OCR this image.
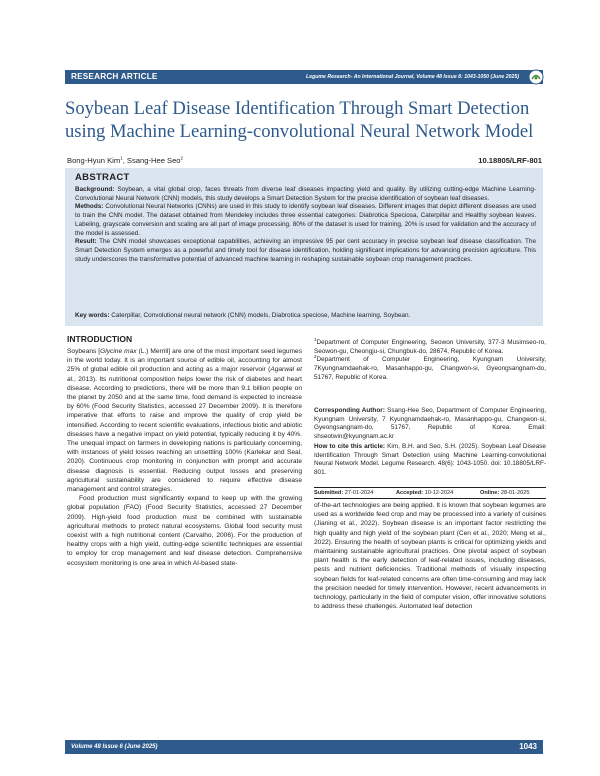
RESEARCH ARTICLE	Legume Research- An International Journal, Volume 48 Issue 6: 1043-1050 (June 2025)
Soybean Leaf Disease Identification Through Smart Detection
using Machine Learning-convolutional Neural Network Model
Bong-Hyun Kim$^1$, Ssang-Hee Seo$^2$	10.18805/LRF-801
ABSTRACT

Background: Soybean, a vital global crop, faces threats from diverse leaf diseases impacting yield and quality. By utilizing cutting-edge Machine Learning-Convolutional Neural Network (CNN) models, this study develops a Smart Detection System for the precise identification of soybean leaf diseases.

Methods: Convolutional Neural Networks (CNNs) are used in this study to identify soybean leaf diseases. Different images that depict different diseases are used to train the CNN model. The dataset obtained from Mendeley includes three essential categories: Diabrotica Speciosa, Caterpillar and Healthy soybean leaves. Labeling, grayscale conversion and scaling are all part of image processing. 80% of the dataset is used for training, 20% is used for validation and the accuracy of the model is assessed.

Result: The CNN model showcases exceptional capabilities, achieving an impressive 95 per cent accuracy in precise soybean leaf disease classification. The Smart Detection System emerges as a powerful and timely tool for disease identification, holding significant implications for advancing precision agriculture. This study underscores the transformative potential of advanced machine learning in reshaping sustainable soybean crop management practices.

Key words: Caterpillar, Convolutional neural network (CNN) models, Diabrotica speciose, Machine learning, Soybean.
INTRODUCTION

Soybeans [Glycine max (L.) Merrill] are one of the most important seed legumes in the world today. It is an important source of edible oil, accounting for almost 25% of global edible oil production and acting as a major reservoir (Agarwal et al., 2013). Its nutritional composition helps lower the risk of diabetes and heart disease. According to predictions, there will be more than 9.1 billion people on the planet by 2050 and at the same time, food demand is expected to increase by 60% (Food Security Statistics, accessed 27 December 2009). It is therefore imperative that efforts to raise and improve the quality of crop yield be intensified. According to recent scientific evaluations, infectious biotic and abiotic diseases have a negative impact on yield potential, typically reducing it by 40%. The unequal impact on farmers in developing nations is particularly concerning, with instances of yield losses reaching an unsettling 100% (Karlekar and Seal, 2020). Continuous crop monitoring in conjunction with prompt and accurate disease diagnosis is essential. Reducing output losses and preserving agricultural sustainability are considered to require effective disease management and control strategies.

Food production must significantly expand to keep up with the growing global population (FAO) (Food Security Statistics, accessed 27 December 2009). High-yield food production must be combined with sustainable agricultural methods to protect natural ecosystems. Global food security must coexist with a high nutritional content (Carvalho, 2006). For the production of healthy crops with a high yield, cutting-edge scientific techniques are essential to employ for crop management and leaf disease detection. Comprehensive ecosystem monitoring is one area in which AI-based state-

$^1$Department of Computer Engineering, Seowon University, 377-3 Musimseo-ro, Seowon-gu, Cheongju-si, Chungbuk-do, 28674, Republic of Korea.

$^2$Department of Computer Engineering, Kyungnam University, 7Kyungnamdaehak-ro, Masanhappo-gu, Changwon-si, Gyeongsangnam-do, 51767, Republic of Korea.

Corresponding Author: Ssang-Hee Seo, Department of Computer Engineering, Kyungnam University, 7 Kyungnamdaehak-ro, Masanhappo-gu, Changwon-si, Gyeongsangnam-do, 51767, Republic of Korea. Email: shseotwin@kyungnam.ac.kr
How to cite this article: Kim, B.H. and Seo, S.H. (2025). Soybean Leaf Disease Identification Through Smart Detection using Machine Learning-convolutional Neural Network Model. Legume Research. 48(6): 1043-1050. doi: 10.18805/LRF-801.
Submitted: 27-01-2024	Accepted: 10-12-2024	Online: 28-01-2025
of-the-art technologies are being applied. It is known that soybean legumes are used as a worldwide feed crop and may be processed into a variety of cuisines (Jianing et al., 2022). Soybean disease is an important factor restricting the high quality and high yield of the soybean plant (Cen et al., 2020; Meng et al., 2022). Ensuring the health of soybean plants is critical for optimizing yields and maintaining sustainable agricultural practices. One pivotal aspect of soybean plant health is the early detection of leaf-related issues, including diseases, pests and nutrient deficiencies. Traditional methods of visually inspecting soybean fields for leaf-related concerns are often time-consuming and may lack the precision needed for timely intervention. However, recent advancements in technology, particularly in the field of computer vision, offer innovative solutions to address these challenges. Automated leaf detection
Volume 48 Issue 6 (June 2025)	1043
